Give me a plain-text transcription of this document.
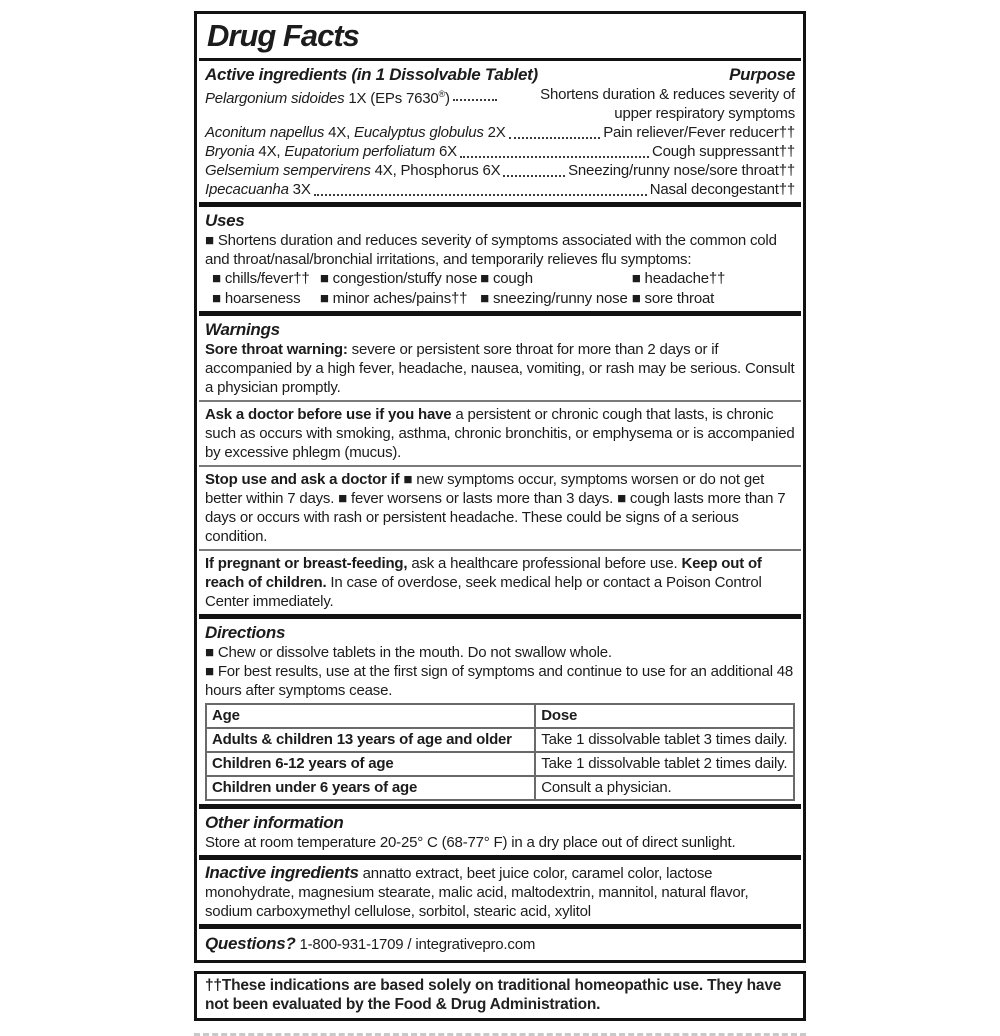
Drug Facts
Active ingredients (in 1 Dissolvable Tablet)	Purpose
Pelargonium sidoides 1X (EPs 7630®)	Shortens duration & reduces severity of upper respiratory symptoms
Aconitum napellus 4X, Eucalyptus globulus 2X	Pain reliever/Fever reducer††
Bryonia 4X, Eupatorium perfoliatum 6X	Cough suppressant††
Gelsemium sempervirens 4X, Phosphorus 6X	Sneezing/runny nose/sore throat††
Ipecacuanha 3X	Nasal decongestant††
Uses

■ Shortens duration and reduces severity of symptoms associated with the common cold and throat/nasal/bronchial irritations, and temporarily relieves flu symptoms:

■ chills/fever†† ■ congestion/stuffy nose ■ cough	■ headache††
■ hoarseness	■ minor aches/pains†† ■ sneezing/runny nose ■ sore throat
Warnings

Sore throat warning: severe or persistent sore throat for more than 2 days or if accompanied by a high fever, headache, nausea, vomiting, or rash may be serious. Consult a physician promptly.

Ask a doctor before use if you have a persistent or chronic cough that lasts, is chronic such as occurs with smoking, asthma, chronic bronchitis, or emphysema or is accompanied by excessive phlegm (mucus).

Stop use and ask a doctor if ■ new symptoms occur, symptoms worsen or do not get better within 7 days. ■ fever worsens or lasts more than 3 days. ■ cough lasts more than 7 days or occurs with rash or persistent headache. These could be signs of a serious condition.

If pregnant or breast-feeding, ask a healthcare professional before use. Keep out of reach of children. In case of overdose, seek medical help or contact a Poison Control Center immediately.

Directions

■ Chew or dissolve tablets in the mouth. Do not swallow whole.

■ For best results, use at the first sign of symptoms and continue to use for an additional 48 hours after symptoms cease.

Age	Dose
Adults & children 13 years of age and older	Take 1 dissolvable tablet 3 times daily.
Children 6-12 years of age	Take 1 dissolvable tablet 2 times daily.
Children under 6 years of age	Consult a physician.
Other information

Store at room temperature 20-25° C (68-77° F) in a dry place out of direct sunlight.

Inactive ingredients annatto extract, beet juice color, caramel color, lactose monohydrate, magnesium stearate, malic acid, maltodextrin, mannitol, natural flavor, sodium carboxymethyl cellulose, sorbitol, stearic acid, xylitol

Questions? 1-800-931-1709 / integrativepro.com

††These indications are based solely on traditional homeopathic use. They have not been evaluated by the Food & Drug Administration.
